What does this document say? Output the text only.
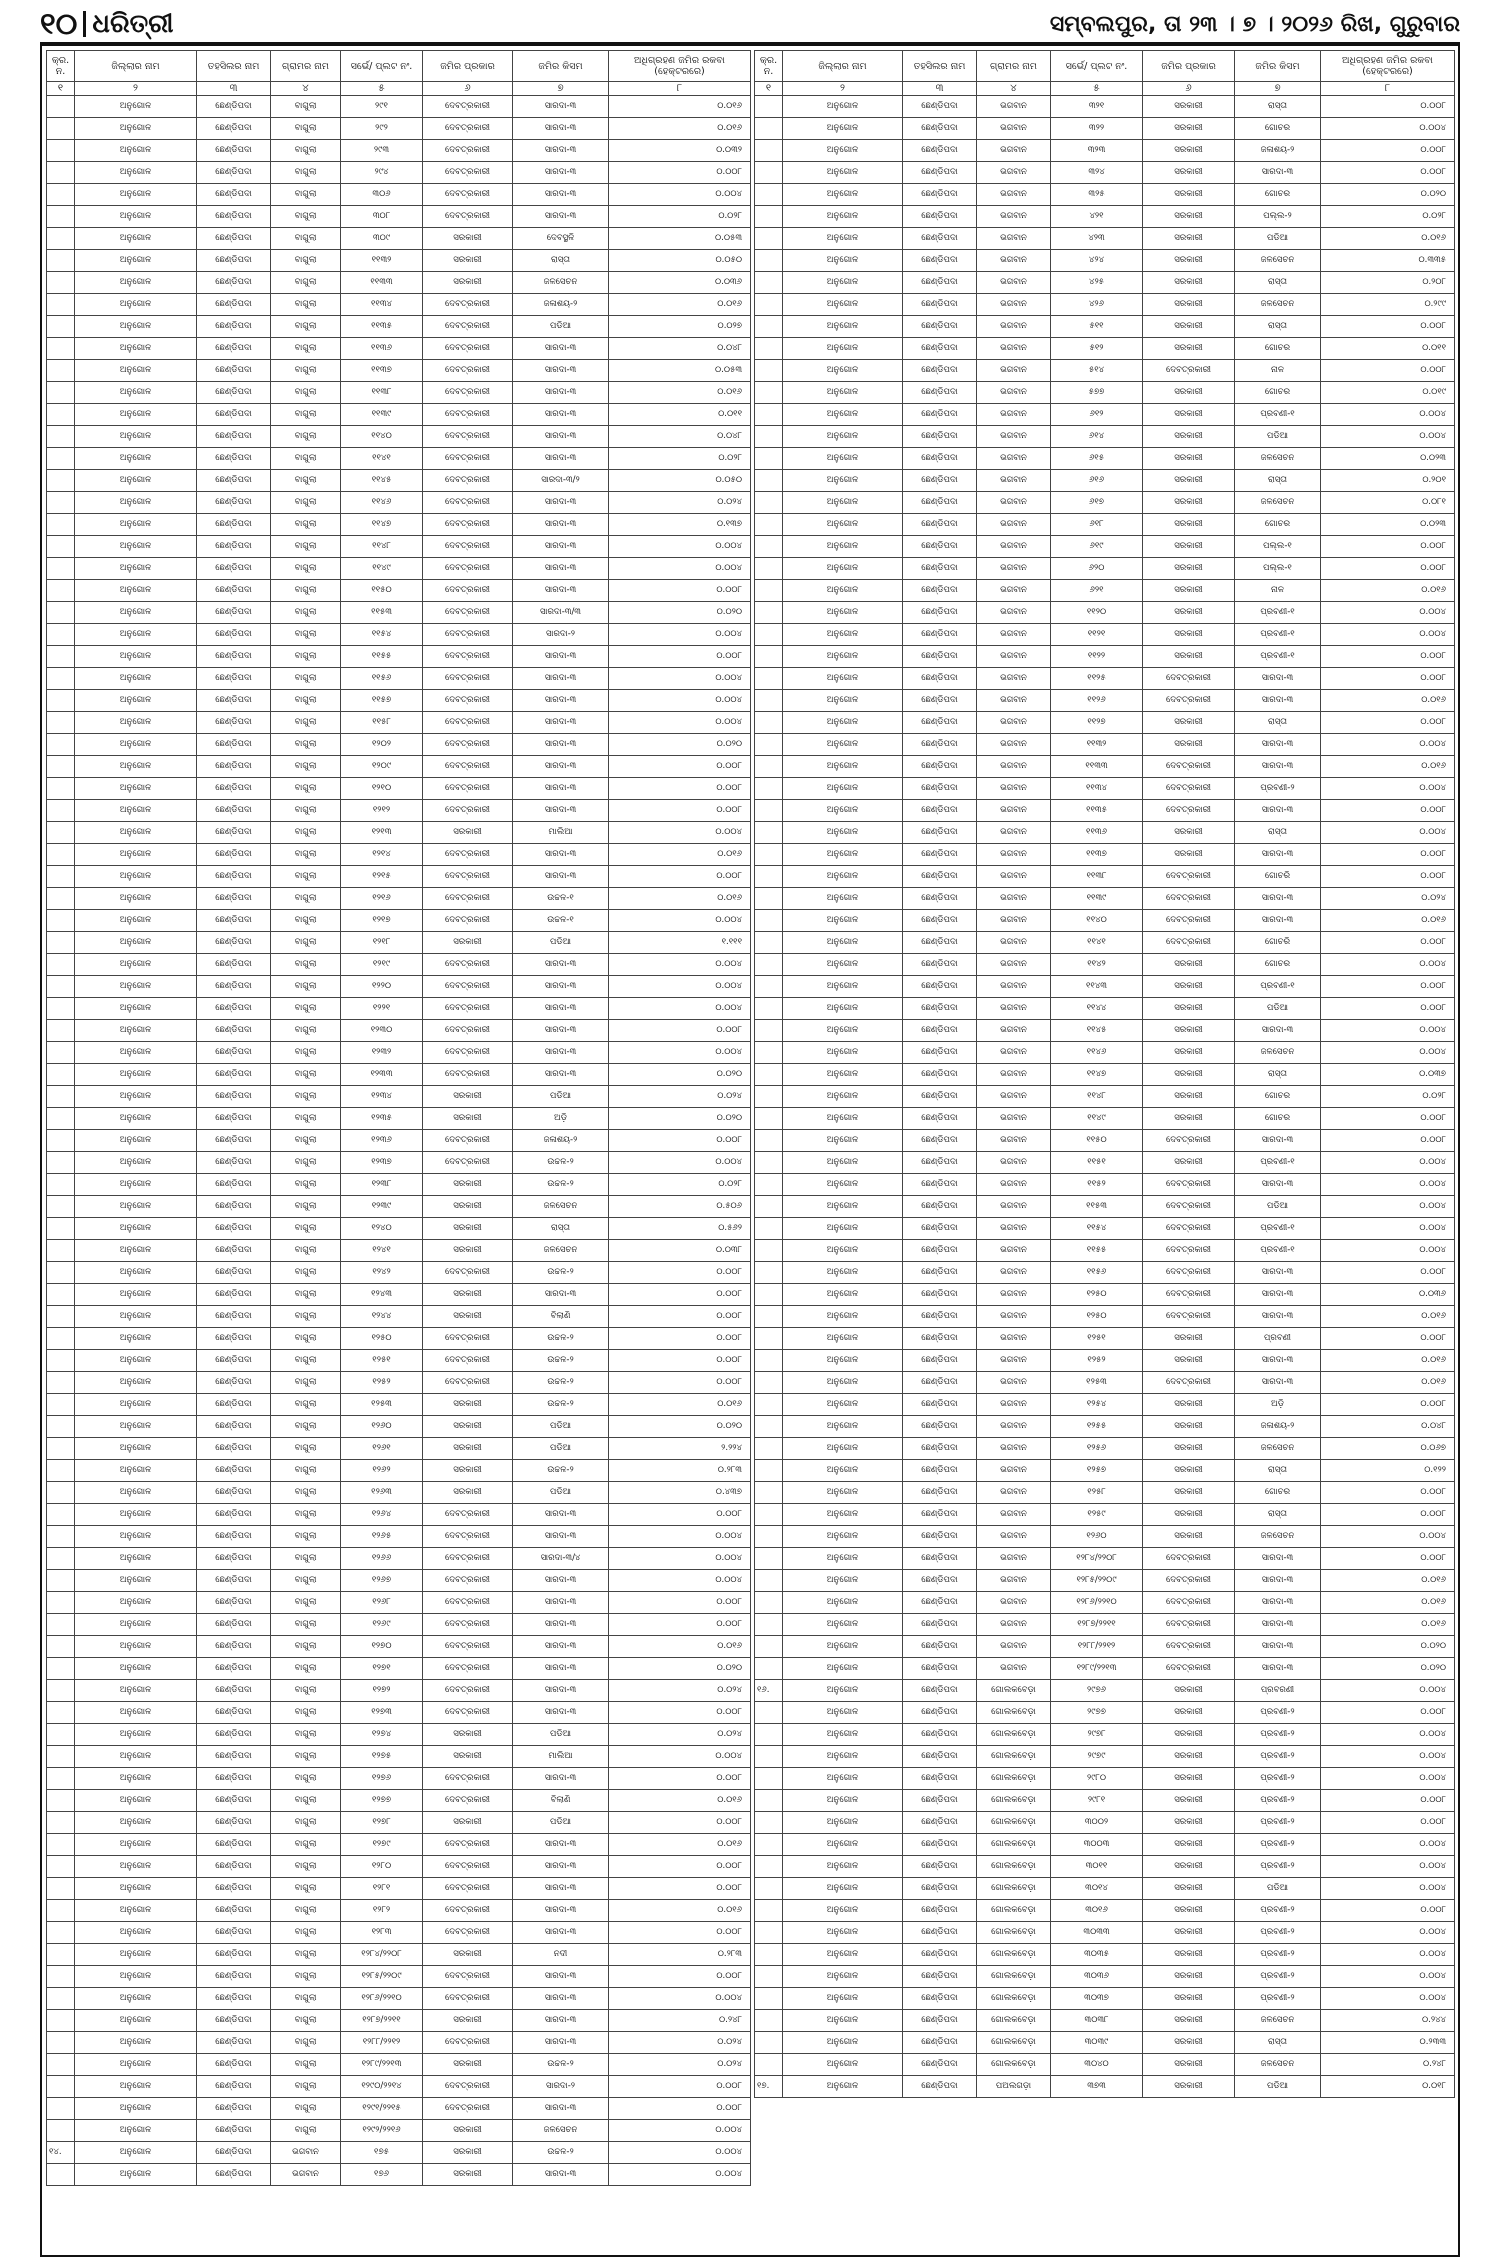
୧୦ ଧରିତ୍ରୀ	ସମ୍ବଲପୁର, ତା ୨୩ । ୭ । ୨୦୨୬ ରିଖ, ଗୁରୁବାର
କ୍ର. ନ.	ଜିଲ୍ଲାର ନାମ	ତହସିଲର ନାମ	ଗ୍ରାମର ନାମ	ସର୍ଭେ/ ପ୍ଲଟ ନଂ.	ଜମିର ପ୍ରକାର	ଜମିର କିସମ	ଅଧିଗ୍ରହଣ ଜମିର ରକବା (ହେକ୍ଟରରେ)
୧	୨	୩	୪	୫	୬	୭	୮
	ଅନୁଗୋଳ	ଛେଣ୍ଡିପଦା	ବାଗୁଲା	୨୯୧	ଦେବତ୍ରକାରୀ	ସାରଦା-୩	୦.୦୧୬
	ଅନୁଗୋଳ	ଛେଣ୍ଡିପଦା	ବାଗୁଲା	୨୯୨	ଦେବତ୍ରକାରୀ	ସାରଦା-୩	୦.୦୧୬
	ଅନୁଗୋଳ	ଛେଣ୍ଡିପଦା	ବାଗୁଲା	୨୯୩	ଦେବତ୍ରକାରୀ	ସାରଦା-୩	୦.୦୩୨
	ଅନୁଗୋଳ	ଛେଣ୍ଡିପଦା	ବାଗୁଲା	୨୯୪	ଦେବତ୍ରକାରୀ	ସାରଦା-୩	୦.୦୦୮
	ଅନୁଗୋଳ	ଛେଣ୍ଡିପଦା	ବାଗୁଲା	୩୦୬	ଦେବତ୍ରକାରୀ	ସାରଦା-୩	୦.୦୦୪
	ଅନୁଗୋଳ	ଛେଣ୍ଡିପଦା	ବାଗୁଲା	୩୦୮	ଦେବତ୍ରକାରୀ	ସାରଦା-୩	୦.୦୨୮
	ଅନୁଗୋଳ	ଛେଣ୍ଡିପଦା	ବାଗୁଲା	୩୦୯	ସରକାରୀ	ଦେବସ୍ଥଳି	୦.୦୫୩
	ଅନୁଗୋଳ	ଛେଣ୍ଡିପଦା	ବାଗୁଲା	୧୧୩୨	ସରକାରୀ	ରାସ୍ତା	୦.୦୫୦
	ଅନୁଗୋଳ	ଛେଣ୍ଡିପଦା	ବାଗୁଲା	୧୧୩୩	ସରକାରୀ	ଜଳସେଚନ	୦.୦୩୬
	ଅନୁଗୋଳ	ଛେଣ୍ଡିପଦା	ବାଗୁଲା	୧୧୩୪	ଦେବତ୍ରକାରୀ	ଜଳାଶୟ-୨	୦.୦୧୬
	ଅନୁଗୋଳ	ଛେଣ୍ଡିପଦା	ବାଗୁଲା	୧୧୩୫	ଦେବତ୍ରକାରୀ	ପଡିଆ	୦.୦୨୭
	ଅନୁଗୋଳ	ଛେଣ୍ଡିପଦା	ବାଗୁଲା	୧୧୩୬	ଦେବତ୍ରକାରୀ	ସାରଦା-୩	୦.୦୪୮
	ଅନୁଗୋଳ	ଛେଣ୍ଡିପଦା	ବାଗୁଲା	୧୧୩୭	ଦେବତ୍ରକାରୀ	ସାରଦା-୩	୦.୦୫୩
	ଅନୁଗୋଳ	ଛେଣ୍ଡିପଦା	ବାଗୁଲା	୧୧୩୮	ଦେବତ୍ରକାରୀ	ସାରଦା-୩	୦.୦୧୬
	ଅନୁଗୋଳ	ଛେଣ୍ଡିପଦା	ବାଗୁଲା	୧୧୩୯	ଦେବତ୍ରକାରୀ	ସାରଦା-୩	୦.୦୧୧
	ଅନୁଗୋଳ	ଛେଣ୍ଡିପଦା	ବାଗୁଲା	୧୧୪୦	ଦେବତ୍ରକାରୀ	ସାରଦା-୩	୦.୦୪୮
	ଅନୁଗୋଳ	ଛେଣ୍ଡିପଦା	ବାଗୁଲା	୧୧୪୧	ଦେବତ୍ରକାରୀ	ସାରଦା-୩	୦.୦୨୮
	ଅନୁଗୋଳ	ଛେଣ୍ଡିପଦା	ବାଗୁଲା	୧୧୪୫	ଦେବତ୍ରକାରୀ	ସାରଦା-୩/୨	୦.୦୫୦
	ଅନୁଗୋଳ	ଛେଣ୍ଡିପଦା	ବାଗୁଲା	୧୧୪୬	ଦେବତ୍ରକାରୀ	ସାରଦା-୩	୦.୦୨୪
	ଅନୁଗୋଳ	ଛେଣ୍ଡିପଦା	ବାଗୁଲା	୧୧୪୭	ଦେବତ୍ରକାରୀ	ସାରଦା-୩	୦.୧୩୭
	ଅନୁଗୋଳ	ଛେଣ୍ଡିପଦା	ବାଗୁଲା	୧୧୪୮	ଦେବତ୍ରକାରୀ	ସାରଦା-୩	୦.୦୦୪
	ଅନୁଗୋଳ	ଛେଣ୍ଡିପଦା	ବାଗୁଲା	୧୧୪୯	ଦେବତ୍ରକାରୀ	ସାରଦା-୩	୦.୦୦୪
	ଅନୁଗୋଳ	ଛେଣ୍ଡିପଦା	ବାଗୁଲା	୧୧୫୦	ଦେବତ୍ରକାରୀ	ସାରଦା-୩	୦.୦୦୮
	ଅନୁଗୋଳ	ଛେଣ୍ଡିପଦା	ବାଗୁଲା	୧୧୫୩	ଦେବତ୍ରକାରୀ	ସାରଦା-୩/୩	୦.୦୨୦
	ଅନୁଗୋଳ	ଛେଣ୍ଡିପଦା	ବାଗୁଲା	୧୧୫୪	ଦେବତ୍ରକାରୀ	ସାରଦା-୨	୦.୦୦୪
	ଅନୁଗୋଳ	ଛେଣ୍ଡିପଦା	ବାଗୁଲା	୧୧୫୫	ଦେବତ୍ରକାରୀ	ସାରଦା-୩	୦.୦୦୮
	ଅନୁଗୋଳ	ଛେଣ୍ଡିପଦା	ବାଗୁଲା	୧୧୫୬	ଦେବତ୍ରକାରୀ	ସାରଦା-୩	୦.୦୦୪
	ଅନୁଗୋଳ	ଛେଣ୍ଡିପଦା	ବାଗୁଲା	୧୧୫୭	ଦେବତ୍ରକାରୀ	ସାରଦା-୩	୦.୦୦୪
	ଅନୁଗୋଳ	ଛେଣ୍ଡିପଦା	ବାଗୁଲା	୧୧୫୮	ଦେବତ୍ରକାରୀ	ସାରଦା-୩	୦.୦୦୪
	ଅନୁଗୋଳ	ଛେଣ୍ଡିପଦା	ବାଗୁଲା	୧୨୦୨	ଦେବତ୍ରକାରୀ	ସାରଦା-୩	୦.୦୨୦
	ଅନୁଗୋଳ	ଛେଣ୍ଡିପଦା	ବାଗୁଲା	୧୨୦୯	ଦେବତ୍ରକାରୀ	ସାରଦା-୩	୦.୦୦୮
	ଅନୁଗୋଳ	ଛେଣ୍ଡିପଦା	ବାଗୁଲା	୧୨୧୦	ଦେବତ୍ରକାରୀ	ସାରଦା-୩	୦.୦୦୮
	ଅନୁଗୋଳ	ଛେଣ୍ଡିପଦା	ବାଗୁଲା	୧୨୧୨	ଦେବତ୍ରକାରୀ	ସାରଦା-୩	୦.୦୦୮
	ଅନୁଗୋଳ	ଛେଣ୍ଡିପଦା	ବାଗୁଲା	୧୨୧୩	ସରକାରୀ	ମାଲିଆ	୦.୦୦୪
	ଅନୁଗୋଳ	ଛେଣ୍ଡିପଦା	ବାଗୁଲା	୧୨୧୪	ଦେବତ୍ରକାରୀ	ସାରଦା-୩	୦.୦୧୬
	ଅନୁଗୋଳ	ଛେଣ୍ଡିପଦା	ବାଗୁଲା	୧୨୧୫	ଦେବତ୍ରକାରୀ	ସାରଦା-୩	୦.୦୦୮
	ଅନୁଗୋଳ	ଛେଣ୍ଡିପଦା	ବାଗୁଲା	୧୨୧୬	ଦେବତ୍ରକାରୀ	ଉଚ୍ଚଳ-୧	୦.୦୧୬
	ଅନୁଗୋଳ	ଛେଣ୍ଡିପଦା	ବାଗୁଲା	୧୨୧୭	ଦେବତ୍ରକାରୀ	ଉଚ୍ଚଳ-୧	୦.୦୦୪
	ଅନୁଗୋଳ	ଛେଣ୍ଡିପଦା	ବାଗୁଲା	୧୨୧୮	ସରକାରୀ	ପଡିଆ	୧.୧୧୧
	ଅନୁଗୋଳ	ଛେଣ୍ଡିପଦା	ବାଗୁଲା	୧୨୧୯	ଦେବତ୍ରକାରୀ	ସାରଦା-୩	୦.୦୦୪
	ଅନୁଗୋଳ	ଛେଣ୍ଡିପଦା	ବାଗୁଲା	୧୨୨୦	ଦେବତ୍ରକାରୀ	ସାରଦା-୩	୦.୦୦୪
	ଅନୁଗୋଳ	ଛେଣ୍ଡିପଦା	ବାଗୁଲା	୧୨୨୧	ଦେବତ୍ରକାରୀ	ସାରଦା-୩	୦.୦୦୪
	ଅନୁଗୋଳ	ଛେଣ୍ଡିପଦା	ବାଗୁଲା	୧୨୩୦	ଦେବତ୍ରକାରୀ	ସାରଦା-୩	୦.୦୦୮
	ଅନୁଗୋଳ	ଛେଣ୍ଡିପଦା	ବାଗୁଲା	୧୨୩୨	ଦେବତ୍ରକାରୀ	ସାରଦା-୩	୦.୦୦୪
	ଅନୁଗୋଳ	ଛେଣ୍ଡିପଦା	ବାଗୁଲା	୧୨୩୩	ଦେବତ୍ରକାରୀ	ସାରଦା-୩	୦.୦୨୦
	ଅନୁଗୋଳ	ଛେଣ୍ଡିପଦା	ବାଗୁଲା	୧୨୩୪	ସରକାରୀ	ପଡିଆ	୦.୦୨୪
	ଅନୁଗୋଳ	ଛେଣ୍ଡିପଦା	ବାଗୁଲା	୧୨୩୫	ସରକାରୀ	ଅଡ଼ି	୦.୦୨୦
	ଅନୁଗୋଳ	ଛେଣ୍ଡିପଦା	ବାଗୁଲା	୧୨୩୬	ଦେବତ୍ରକାରୀ	ଜଳାଶୟ-୨	୦.୦୦୮
	ଅନୁଗୋଳ	ଛେଣ୍ଡିପଦା	ବାଗୁଲା	୧୨୩୭	ଦେବତ୍ରକାରୀ	ଉଚ୍ଚଳ-୨	୦.୦୦୪
	ଅନୁଗୋଳ	ଛେଣ୍ଡିପଦା	ବାଗୁଲା	୧୨୩୮	ସରକାରୀ	ଉଚ୍ଚଳ-୨	୦.୦୨୮
	ଅନୁଗୋଳ	ଛେଣ୍ଡିପଦା	ବାଗୁଲା	୧୨୩୯	ସରକାରୀ	ଜଳସେଚନ	୦.୫୦୬
	ଅନୁଗୋଳ	ଛେଣ୍ଡିପଦା	ବାଗୁଲା	୧୨୪୦	ସରକାରୀ	ରାସ୍ତା	୦.୫୬୨
	ଅନୁଗୋଳ	ଛେଣ୍ଡିପଦା	ବାଗୁଲା	୧୨୪୧	ସରକାରୀ	ଜଳସେଚନ	୦.୦୩୮
	ଅନୁଗୋଳ	ଛେଣ୍ଡିପଦା	ବାଗୁଲା	୧୨୪୨	ଦେବତ୍ରକାରୀ	ଉଚ୍ଚଳ-୨	୦.୦୦୮
	ଅନୁଗୋଳ	ଛେଣ୍ଡିପଦା	ବାଗୁଲା	୧୨୪୩	ସରକାରୀ	ସାରଦା-୩	୦.୦୦୮
	ଅନୁଗୋଳ	ଛେଣ୍ଡିପଦା	ବାଗୁଲା	୧୨୪୪	ସରକାରୀ	ବିଲାଣି	୦.୦୦୮
	ଅନୁଗୋଳ	ଛେଣ୍ଡିପଦା	ବାଗୁଲା	୧୨୫୦	ଦେବତ୍ରକାରୀ	ଉଚ୍ଚଳ-୨	୦.୦୦୮
	ଅନୁଗୋଳ	ଛେଣ୍ଡିପଦା	ବାଗୁଲା	୧୨୫୧	ଦେବତ୍ରକାରୀ	ଉଚ୍ଚଳ-୨	୦.୦୦୮
	ଅନୁଗୋଳ	ଛେଣ୍ଡିପଦା	ବାଗୁଲା	୧୨୫୨	ଦେବତ୍ରକାରୀ	ଉଚ୍ଚଳ-୨	୦.୦୦୮
	ଅନୁଗୋଳ	ଛେଣ୍ଡିପଦା	ବାଗୁଲା	୧୨୫୩	ସରକାରୀ	ଉଚ୍ଚଳ-୨	୦.୦୧୬
	ଅନୁଗୋଳ	ଛେଣ୍ଡିପଦା	ବାଗୁଲା	୧୨୬୦	ସରକାରୀ	ପଡିଆ	୦.୦୨୦
	ଅନୁଗୋଳ	ଛେଣ୍ଡିପଦା	ବାଗୁଲା	୧୨୬୧	ସରକାରୀ	ପଡିଆ	୨.୨୨୪
	ଅନୁଗୋଳ	ଛେଣ୍ଡିପଦା	ବାଗୁଲା	୧୨୬୨	ସରକାରୀ	ଉଚ୍ଚଳ-୨	୦.୨୮୩
	ଅନୁଗୋଳ	ଛେଣ୍ଡିପଦା	ବାଗୁଲା	୧୨୬୩	ସରକାରୀ	ପଡିଆ	୦.୪୩୭
	ଅନୁଗୋଳ	ଛେଣ୍ଡିପଦା	ବାଗୁଲା	୧୨୬୪	ଦେବତ୍ରକାରୀ	ସାରଦା-୩	୦.୦୦୮
	ଅନୁଗୋଳ	ଛେଣ୍ଡିପଦା	ବାଗୁଲା	୧୨୬୫	ଦେବତ୍ରକାରୀ	ସାରଦା-୩	୦.୦୦୪
	ଅନୁଗୋଳ	ଛେଣ୍ଡିପଦା	ବାଗୁଲା	୧୨୬୬	ଦେବତ୍ରକାରୀ	ସାରଦା-୩/୪	୦.୦୦୪
	ଅନୁଗୋଳ	ଛେଣ୍ଡିପଦା	ବାଗୁଲା	୧୨୬୭	ଦେବତ୍ରକାରୀ	ସାରଦା-୩	୦.୦୦୪
	ଅନୁଗୋଳ	ଛେଣ୍ଡିପଦା	ବାଗୁଲା	୧୨୬୮	ଦେବତ୍ରକାରୀ	ସାରଦା-୩	୦.୦୦୮
	ଅନୁଗୋଳ	ଛେଣ୍ଡିପଦା	ବାଗୁଲା	୧୨୬୯	ଦେବତ୍ରକାରୀ	ସାରଦା-୩	୦.୦୦୮
	ଅନୁଗୋଳ	ଛେଣ୍ଡିପଦା	ବାଗୁଲା	୧୨୭୦	ଦେବତ୍ରକାରୀ	ସାରଦା-୩	୦.୦୧୬
	ଅନୁଗୋଳ	ଛେଣ୍ଡିପଦା	ବାଗୁଲା	୧୨୭୧	ଦେବତ୍ରକାରୀ	ସାରଦା-୩	୦.୦୨୦
	ଅନୁଗୋଳ	ଛେଣ୍ଡିପଦା	ବାଗୁଲା	୧୨୭୨	ଦେବତ୍ରକାରୀ	ସାରଦା-୩	୦.୦୨୪
	ଅନୁଗୋଳ	ଛେଣ୍ଡିପଦା	ବାଗୁଲା	୧୨୭୩	ଦେବତ୍ରକାରୀ	ସାରଦା-୩	୦.୦୦୮
	ଅନୁଗୋଳ	ଛେଣ୍ଡିପଦା	ବାଗୁଲା	୧୨୭୪	ସରକାରୀ	ପଡିଆ	୦.୦୨୪
	ଅନୁଗୋଳ	ଛେଣ୍ଡିପଦା	ବାଗୁଲା	୧୨୭୫	ସରକାରୀ	ମାଲିଆ	୦.୦୦୪
	ଅନୁଗୋଳ	ଛେଣ୍ଡିପଦା	ବାଗୁଲା	୧୨୭୬	ଦେବତ୍ରକାରୀ	ସାରଦା-୩	୦.୦୦୮
	ଅନୁଗୋଳ	ଛେଣ୍ଡିପଦା	ବାଗୁଲା	୧୨୭୭	ଦେବତ୍ରକାରୀ	ବିଲାଣି	୦.୦୧୬
	ଅନୁଗୋଳ	ଛେଣ୍ଡିପଦା	ବାଗୁଲା	୧୨୭୮	ସରକାରୀ	ପଡିଆ	୦.୦୦୮
	ଅନୁଗୋଳ	ଛେଣ୍ଡିପଦା	ବାଗୁଲା	୧୨୭୯	ଦେବତ୍ରକାରୀ	ସାରଦା-୩	୦.୦୧୬
	ଅନୁଗୋଳ	ଛେଣ୍ଡିପଦା	ବାଗୁଲା	୧୨୮୦	ଦେବତ୍ରକାରୀ	ସାରଦା-୩	୦.୦୦୮
	ଅନୁଗୋଳ	ଛେଣ୍ଡିପଦା	ବାଗୁଲା	୧୨୮୧	ଦେବତ୍ରକାରୀ	ସାରଦା-୩	୦.୦୦୮
	ଅନୁଗୋଳ	ଛେଣ୍ଡିପଦା	ବାଗୁଲା	୧୨୮୨	ଦେବତ୍ରକାରୀ	ସାରଦା-୩	୦.୦୧୬
	ଅନୁଗୋଳ	ଛେଣ୍ଡିପଦା	ବାଗୁଲା	୧୨୮୩	ଦେବତ୍ରକାରୀ	ସାରଦା-୩	୦.୦୦୮
	ଅନୁଗୋଳ	ଛେଣ୍ଡିପଦା	ବାଗୁଲା	୧୨୮୪/୨୨୦୮	ସରକାରୀ	ନଦୀ	୦.୨୮୩
	ଅନୁଗୋଳ	ଛେଣ୍ଡିପଦା	ବାଗୁଲା	୧୨୮୫/୨୨୦୯	ଦେବତ୍ରକାରୀ	ସାରଦା-୩	୦.୦୦୮
	ଅନୁଗୋଳ	ଛେଣ୍ଡିପଦା	ବାଗୁଲା	୧୨୮୬/୨୨୧୦	ଦେବତ୍ରକାରୀ	ସାରଦା-୩	୦.୦୦୪
	ଅନୁଗୋଳ	ଛେଣ୍ଡିପଦା	ବାଗୁଲା	୧୨୮୭/୨୨୧୧	ସରକାରୀ	ସାରଦା-୩	୦.୨୪୮
	ଅନୁଗୋଳ	ଛେଣ୍ଡିପଦା	ବାଗୁଲା	୧୨୮୮/୨୨୧୨	ଦେବତ୍ରକାରୀ	ସାରଦା-୩	୦.୦୨୪
	ଅନୁଗୋଳ	ଛେଣ୍ଡିପଦା	ବାଗୁଲା	୧୨୮୯/୨୨୧୩	ସରକାରୀ	ଉଚ୍ଚଳ-୨	୦.୦୨୪
	ଅନୁଗୋଳ	ଛେଣ୍ଡିପଦା	ବାଗୁଲା	୧୨୯୦/୨୨୧୪	ଦେବତ୍ରକାରୀ	ସାରଦା-୨	୦.୦୦୮
	ଅନୁଗୋଳ	ଛେଣ୍ଡିପଦା	ବାଗୁଲା	୧୨୯୧/୨୨୧୫	ଦେବତ୍ରକାରୀ	ସାରଦା-୩	୦.୦୦୮
	ଅନୁଗୋଳ	ଛେଣ୍ଡିପଦା	ବାଗୁଲା	୧୨୯୨/୨୨୧୬	ସରକାରୀ	ଜଳସେଚନ	୦.୦୦୪
୧୪.	ଅନୁଗୋଳ	ଛେଣ୍ଡିପଦା	ଭଗବାନ	୧୭୫	ସରକାରୀ	ଉଚ୍ଚଳ-୨	୦.୦୦୪
	ଅନୁଗୋଳ	ଛେଣ୍ଡିପଦା	ଭଗବାନ	୧୭୬	ସରକାରୀ	ସାରଦା-୩	୦.୦୦୪
କ୍ର. ନ.	ଜିଲ୍ଲାର ନାମ	ତହସିଲର ନାମ	ଗ୍ରାମର ନାମ	ସର୍ଭେ/ ପ୍ଲଟ ନଂ.	ଜମିର ପ୍ରକାର	ଜମିର କିସମ	ଅଧିଗ୍ରହଣ ଜମିର ରକବା (ହେକ୍ଟରରେ)
୧	୨	୩	୪	୫	୬	୭	୮
	ଅନୁଗୋଳ	ଛେଣ୍ଡିପଦା	ଭଗବାନ	୩୨୧	ସରକାରୀ	ରାସ୍ତା	୦.୦୦୮
	ଅନୁଗୋଳ	ଛେଣ୍ଡିପଦା	ଭଗବାନ	୩୨୨	ସରକାରୀ	ଗୋଚର	୦.୦୦୪
	ଅନୁଗୋଳ	ଛେଣ୍ଡିପଦା	ଭଗବାନ	୩୨୩	ସରକାରୀ	ଜଳାଶୟ-୨	୦.୦୦୮
	ଅନୁଗୋଳ	ଛେଣ୍ଡିପଦା	ଭଗବାନ	୩୨୪	ସରକାରୀ	ସାରଦା-୩	୦.୦୦୮
	ଅନୁଗୋଳ	ଛେଣ୍ଡିପଦା	ଭଗବାନ	୩୨୫	ସରକାରୀ	ଗୋଚର	୦.୦୨୦
	ଅନୁଗୋଳ	ଛେଣ୍ଡିପଦା	ଭଗବାନ	୪୨୧	ସରକାରୀ	ପଲ୍ଲ-୨	୦.୦୨୮
	ଅନୁଗୋଳ	ଛେଣ୍ଡିପଦା	ଭଗବାନ	୪୨୩	ସରକାରୀ	ପଡିଆ	୦.୦୧୬
	ଅନୁଗୋଳ	ଛେଣ୍ଡିପଦା	ଭଗବାନ	୪୨୪	ସରକାରୀ	ଜଳସେଚନ	୦.୩୩୫
	ଅନୁଗୋଳ	ଛେଣ୍ଡିପଦା	ଭଗବାନ	୪୨୫	ସରକାରୀ	ରାସ୍ତା	୦.୨୦୮
	ଅନୁଗୋଳ	ଛେଣ୍ଡିପଦା	ଭଗବାନ	୪୨୬	ସରକାରୀ	ଜଳସେଚନ	୦.୨୯୯
	ଅନୁଗୋଳ	ଛେଣ୍ଡିପଦା	ଭଗବାନ	୫୧୧	ସରକାରୀ	ରାସ୍ତା	୦.୦୦୮
	ଅନୁଗୋଳ	ଛେଣ୍ଡିପଦା	ଭଗବାନ	୫୧୨	ସରକାରୀ	ଗୋଚର	୦.୦୧୧
	ଅନୁଗୋଳ	ଛେଣ୍ଡିପଦା	ଭଗବାନ	୫୧୪	ଦେବତ୍ରକାରୀ	ନାଳ	୦.୦୦୮
	ଅନୁଗୋଳ	ଛେଣ୍ଡିପଦା	ଭଗବାନ	୫୭୭	ସରକାରୀ	ଗୋଚର	୦.୦୧୯
	ଅନୁଗୋଳ	ଛେଣ୍ଡିପଦା	ଭଗବାନ	୬୧୨	ସରକାରୀ	ପ୍ରବଣୀ-୧	୦.୦୦୪
	ଅନୁଗୋଳ	ଛେଣ୍ଡିପଦା	ଭଗବାନ	୬୧୪	ସରକାରୀ	ପଡିଆ	୦.୦୦୪
	ଅନୁଗୋଳ	ଛେଣ୍ଡିପଦା	ଭଗବାନ	୬୧୫	ସରକାରୀ	ଜଳସେଚନ	୦.୦୨୩
	ଅନୁଗୋଳ	ଛେଣ୍ଡିପଦା	ଭଗବାନ	୬୧୬	ସରକାରୀ	ରାସ୍ତା	୦.୨୦୧
	ଅନୁଗୋଳ	ଛେଣ୍ଡିପଦା	ଭଗବାନ	୬୧୭	ସରକାରୀ	ଜଳସେଚନ	୦.୦୮୧
	ଅନୁଗୋଳ	ଛେଣ୍ଡିପଦା	ଭଗବାନ	୬୧୮	ସରକାରୀ	ଗୋଚର	୦.୦୨୩
	ଅନୁଗୋଳ	ଛେଣ୍ଡିପଦା	ଭଗବାନ	୬୧୯	ସରକାରୀ	ପଲ୍ଲ-୧	୦.୦୦୮
	ଅନୁଗୋଳ	ଛେଣ୍ଡିପଦା	ଭଗବାନ	୬୨୦	ସରକାରୀ	ପଲ୍ଲ-୧	୦.୦୦୮
	ଅନୁଗୋଳ	ଛେଣ୍ଡିପଦା	ଭଗବାନ	୬୨୧	ସରକାରୀ	ନାଳ	୦.୦୧୬
	ଅନୁଗୋଳ	ଛେଣ୍ଡିପଦା	ଭଗବାନ	୧୧୨୦	ସରକାରୀ	ପ୍ରବଣୀ-୧	୦.୦୦୪
	ଅନୁଗୋଳ	ଛେଣ୍ଡିପଦା	ଭଗବାନ	୧୧୨୧	ସରକାରୀ	ପ୍ରବଣୀ-୧	୦.୦୦୪
	ଅନୁଗୋଳ	ଛେଣ୍ଡିପଦା	ଭଗବାନ	୧୧୨୨	ସରକାରୀ	ପ୍ରବଣୀ-୧	୦.୦୦୮
	ଅନୁଗୋଳ	ଛେଣ୍ଡିପଦା	ଭଗବାନ	୧୧୨୫	ଦେବତ୍ରକାରୀ	ସାରଦା-୩	୦.୦୦୮
	ଅନୁଗୋଳ	ଛେଣ୍ଡିପଦା	ଭଗବାନ	୧୧୨୬	ଦେବତ୍ରକାରୀ	ସାରଦା-୩	୦.୦୧୬
	ଅନୁଗୋଳ	ଛେଣ୍ଡିପଦା	ଭଗବାନ	୧୧୨୭	ସରକାରୀ	ରାସ୍ତା	୦.୦୦୮
	ଅନୁଗୋଳ	ଛେଣ୍ଡିପଦା	ଭଗବାନ	୧୧୩୨	ସରକାରୀ	ସାରଦା-୩	୦.୦୦୪
	ଅନୁଗୋଳ	ଛେଣ୍ଡିପଦା	ଭଗବାନ	୧୧୩୩	ଦେବତ୍ରକାରୀ	ସାରଦା-୩	୦.୦୧୬
	ଅନୁଗୋଳ	ଛେଣ୍ଡିପଦା	ଭଗବାନ	୧୧୩୪	ଦେବତ୍ରକାରୀ	ପ୍ରବଣୀ-୨	୦.୦୦୪
	ଅନୁଗୋଳ	ଛେଣ୍ଡିପଦା	ଭଗବାନ	୧୧୩୫	ଦେବତ୍ରକାରୀ	ସାରଦା-୩	୦.୦୦୮
	ଅନୁଗୋଳ	ଛେଣ୍ଡିପଦା	ଭଗବାନ	୧୧୩୬	ସରକାରୀ	ରାସ୍ତା	୦.୦୦୪
	ଅନୁଗୋଳ	ଛେଣ୍ଡିପଦା	ଭଗବାନ	୧୧୩୭	ସରକାରୀ	ସାରଦା-୩	୦.୦୦୮
	ଅନୁଗୋଳ	ଛେଣ୍ଡିପଦା	ଭଗବାନ	୧୧୩୮	ଦେବତ୍ରକାରୀ	ଗୋଚରି	୦.୦୦୮
	ଅନୁଗୋଳ	ଛେଣ୍ଡିପଦା	ଭଗବାନ	୧୧୩୯	ଦେବତ୍ରକାରୀ	ସାରଦା-୩	୦.୦୨୪
	ଅନୁଗୋଳ	ଛେଣ୍ଡିପଦା	ଭଗବାନ	୧୧୪୦	ଦେବତ୍ରକାରୀ	ସାରଦା-୩	୦.୦୧୬
	ଅନୁଗୋଳ	ଛେଣ୍ଡିପଦା	ଭଗବାନ	୧୧୪୧	ଦେବତ୍ରକାରୀ	ଗୋଚରି	୦.୦୦୮
	ଅନୁଗୋଳ	ଛେଣ୍ଡିପଦା	ଭଗବାନ	୧୧୪୨	ସରକାରୀ	ଗୋଚର	୦.୦୦୪
	ଅନୁଗୋଳ	ଛେଣ୍ଡିପଦା	ଭଗବାନ	୧୧୪୩	ସରକାରୀ	ପ୍ରବଣୀ-୧	୦.୦୦୮
	ଅନୁଗୋଳ	ଛେଣ୍ଡିପଦା	ଭଗବାନ	୧୧୪୪	ସରକାରୀ	ପଡିଆ	୦.୦୦୮
	ଅନୁଗୋଳ	ଛେଣ୍ଡିପଦା	ଭଗବାନ	୧୧୪୫	ସରକାରୀ	ସାରଦା-୩	୦.୦୦୪
	ଅନୁଗୋଳ	ଛେଣ୍ଡିପଦା	ଭଗବାନ	୧୧୪୬	ସରକାରୀ	ଜଳସେଚନ	୦.୦୦୪
	ଅନୁଗୋଳ	ଛେଣ୍ଡିପଦା	ଭଗବାନ	୧୧୪୭	ସରକାରୀ	ରାସ୍ତା	୦.୦୩୭
	ଅନୁଗୋଳ	ଛେଣ୍ଡିପଦା	ଭଗବାନ	୧୧୪୮	ସରକାରୀ	ଗୋଚର	୦.୦୨୮
	ଅନୁଗୋଳ	ଛେଣ୍ଡିପଦା	ଭଗବାନ	୧୧୪୯	ସରକାରୀ	ଗୋଚର	୦.୦୦୮
	ଅନୁଗୋଳ	ଛେଣ୍ଡିପଦା	ଭଗବାନ	୧୧୫୦	ଦେବତ୍ରକାରୀ	ସାରଦା-୩	୦.୦୦୮
	ଅନୁଗୋଳ	ଛେଣ୍ଡିପଦା	ଭଗବାନ	୧୧୫୧	ସରକାରୀ	ପ୍ରବଣୀ-୧	୦.୦୦୪
	ଅନୁଗୋଳ	ଛେଣ୍ଡିପଦା	ଭଗବାନ	୧୧୫୨	ଦେବତ୍ରକାରୀ	ସାରଦା-୩	୦.୦୦୪
	ଅନୁଗୋଳ	ଛେଣ୍ଡିପଦା	ଭଗବାନ	୧୧୫୩	ଦେବତ୍ରକାରୀ	ପଡିଆ	୦.୦୦୪
	ଅନୁଗୋଳ	ଛେଣ୍ଡିପଦା	ଭଗବାନ	୧୧୫୪	ଦେବତ୍ରକାରୀ	ପ୍ରବଣୀ-୧	୦.୦୦୪
	ଅନୁଗୋଳ	ଛେଣ୍ଡିପଦା	ଭଗବାନ	୧୧୫୫	ଦେବତ୍ରକାରୀ	ପ୍ରବଣୀ-୧	୦.୦୦୪
	ଅନୁଗୋଳ	ଛେଣ୍ଡିପଦା	ଭଗବାନ	୧୧୫୬	ଦେବତ୍ରକାରୀ	ସାରଦା-୩	୦.୦୦୮
	ଅନୁଗୋଳ	ଛେଣ୍ଡିପଦା	ଭଗବାନ	୧୨୫୦	ଦେବତ୍ରକାରୀ	ସାରଦା-୩	୦.୦୩୬
	ଅନୁଗୋଳ	ଛେଣ୍ଡିପଦା	ଭଗବାନ	୧୨୫୦	ଦେବତ୍ରକାରୀ	ସାରଦା-୩	୦.୦୧୬
	ଅନୁଗୋଳ	ଛେଣ୍ଡିପଦା	ଭଗବାନ	୧୨୫୧	ସରକାରୀ	ପ୍ରବଣୀ	୦.୦୦୮
	ଅନୁଗୋଳ	ଛେଣ୍ଡିପଦା	ଭଗବାନ	୧୨୫୨	ସରକାରୀ	ସାରଦା-୩	୦.୦୧୬
	ଅନୁଗୋଳ	ଛେଣ୍ଡିପଦା	ଭଗବାନ	୧୨୫୩	ଦେବତ୍ରକାରୀ	ସାରଦା-୩	୦.୦୧୬
	ଅନୁଗୋଳ	ଛେଣ୍ଡିପଦା	ଭଗବାନ	୧୨୫୪	ସରକାରୀ	ଅଡ଼ି	୦.୦୦୮
	ଅନୁଗୋଳ	ଛେଣ୍ଡିପଦା	ଭଗବାନ	୧୨୫୫	ସରକାରୀ	ଜଳାଶୟ-୨	୦.୦୪୮
	ଅନୁଗୋଳ	ଛେଣ୍ଡିପଦା	ଭଗବାନ	୧୨୫୬	ସରକାରୀ	ଜଳସେଚନ	୦.୦୬୭
	ଅନୁଗୋଳ	ଛେଣ୍ଡିପଦା	ଭଗବାନ	୧୨୫୭	ସରକାରୀ	ରାସ୍ତା	୦.୧୨୨
	ଅନୁଗୋଳ	ଛେଣ୍ଡିପଦା	ଭଗବାନ	୧୨୫୮	ସରକାରୀ	ଗୋଚର	୦.୦୦୮
	ଅନୁଗୋଳ	ଛେଣ୍ଡିପଦା	ଭଗବାନ	୧୨୫୯	ସରକାରୀ	ରାସ୍ତା	୦.୦୦୮
	ଅନୁଗୋଳ	ଛେଣ୍ଡିପଦା	ଭଗବାନ	୧୨୬୦	ସରକାରୀ	ଜଳସେଚନ	୦.୦୦୪
	ଅନୁଗୋଳ	ଛେଣ୍ଡିପଦା	ଭଗବାନ	୧୨୮୪/୨୨୦୮	ଦେବତ୍ରକାରୀ	ସାରଦା-୩	୦.୦୦୮
	ଅନୁଗୋଳ	ଛେଣ୍ଡିପଦା	ଭଗବାନ	୧୨୮୫/୨୨୦୯	ଦେବତ୍ରକାରୀ	ସାରଦା-୩	୦.୦୧୬
	ଅନୁଗୋଳ	ଛେଣ୍ଡିପଦା	ଭଗବାନ	୧୨୮୬/୨୨୧୦	ଦେବତ୍ରକାରୀ	ସାରଦା-୩	୦.୦୧୬
	ଅନୁଗୋଳ	ଛେଣ୍ଡିପଦା	ଭଗବାନ	୧୨୮୭/୨୨୧୧	ଦେବତ୍ରକାରୀ	ସାରଦା-୩	୦.୦୧୬
	ଅନୁଗୋଳ	ଛେଣ୍ଡିପଦା	ଭଗବାନ	୧୨୮୮/୨୨୧୨	ଦେବତ୍ରକାରୀ	ସାରଦା-୩	୦.୦୨୦
	ଅନୁଗୋଳ	ଛେଣ୍ଡିପଦା	ଭଗବାନ	୧୨୮୯/୨୨୧୩	ଦେବତ୍ରକାରୀ	ସାରଦା-୩	୦.୦୨୦
୧୬.	ଅନୁଗୋଳ	ଛେଣ୍ଡିପଦା	ଗୋଲକବେଡ଼ା	୨୯୭୬	ସରକାରୀ	ପ୍ରବରଣୀ	୦.୦୦୪
	ଅନୁଗୋଳ	ଛେଣ୍ଡିପଦା	ଗୋଲକବେଡ଼ା	୨୯୭୭	ସରକାରୀ	ପ୍ରବଣୀ-୨	୦.୦୦୮
	ଅନୁଗୋଳ	ଛେଣ୍ଡିପଦା	ଗୋଲକବେଡ଼ା	୨୯୭୮	ସରକାରୀ	ପ୍ରବଣୀ-୨	୦.୦୦୪
	ଅନୁଗୋଳ	ଛେଣ୍ଡିପଦା	ଗୋଲକବେଡ଼ା	୨୯୭୯	ସରକାରୀ	ପ୍ରବଣୀ-୨	୦.୦୦୪
	ଅନୁଗୋଳ	ଛେଣ୍ଡିପଦା	ଗୋଲକବେଡ଼ା	୨୯୮୦	ସରକାରୀ	ପ୍ରବଣୀ-୨	୦.୦୦୪
	ଅନୁଗୋଳ	ଛେଣ୍ଡିପଦା	ଗୋଲକବେଡ଼ା	୨୯୮୧	ସରକାରୀ	ପ୍ରବଣୀ-୨	୦.୦୦୮
	ଅନୁଗୋଳ	ଛେଣ୍ଡିପଦା	ଗୋଲକବେଡ଼ା	୩୦୦୨	ସରକାରୀ	ପ୍ରବଣୀ-୨	୦.୦୦୮
	ଅନୁଗୋଳ	ଛେଣ୍ଡିପଦା	ଗୋଲକବେଡ଼ା	୩୦୦୩	ସରକାରୀ	ପ୍ରବଣୀ-୨	୦.୦୦୪
	ଅନୁଗୋଳ	ଛେଣ୍ଡିପଦା	ଗୋଲକବେଡ଼ା	୩୦୧୧	ସରକାରୀ	ପ୍ରବଣୀ-୨	୦.୦୦୪
	ଅନୁଗୋଳ	ଛେଣ୍ଡିପଦା	ଗୋଲକବେଡ଼ା	୩୦୧୪	ସରକାରୀ	ପଡିଆ	୦.୦୦୪
	ଅନୁଗୋଳ	ଛେଣ୍ଡିପଦା	ଗୋଲକବେଡ଼ା	୩୦୧୬	ସରକାରୀ	ପ୍ରବଣୀ-୨	୦.୦୦୮
	ଅନୁଗୋଳ	ଛେଣ୍ଡିପଦା	ଗୋଲକବେଡ଼ା	୩୦୩୩	ସରକାରୀ	ପ୍ରବଣୀ-୨	୦.୦୦୪
	ଅନୁଗୋଳ	ଛେଣ୍ଡିପଦା	ଗୋଲକବେଡ଼ା	୩୦୩୫	ସରକାରୀ	ପ୍ରବଣୀ-୨	୦.୦୦୪
	ଅନୁଗୋଳ	ଛେଣ୍ଡିପଦା	ଗୋଲକବେଡ଼ା	୩୦୩୬	ସରକାରୀ	ପ୍ରବଣୀ-୨	୦.୦୦୪
	ଅନୁଗୋଳ	ଛେଣ୍ଡିପଦା	ଗୋଲକବେଡ଼ା	୩୦୩୭	ସରକାରୀ	ପ୍ରବଣୀ-୨	୦.୦୦୪
	ଅନୁଗୋଳ	ଛେଣ୍ଡିପଦା	ଗୋଲକବେଡ଼ା	୩୦୩୮	ସରକାରୀ	ଜଳସେଚନ	୦.୨୪୪
	ଅନୁଗୋଳ	ଛେଣ୍ଡିପଦା	ଗୋଲକବେଡ଼ା	୩୦୩୯	ସରକାରୀ	ରାସ୍ତା	୦.୨୩୩
	ଅନୁଗୋଳ	ଛେଣ୍ଡିପଦା	ଗୋଲକବେଡ଼ା	୩୦୪୦	ସରକାରୀ	ଜଳସେଚନ	୦.୨୪୮
୧୭.	ଅନୁଗୋଳ	ଛେଣ୍ଡିପଦା	ପଅଲଗଡ଼ା	୩୭୩	ସରକାରୀ	ପଡିଆ	୦.୦୧୮
